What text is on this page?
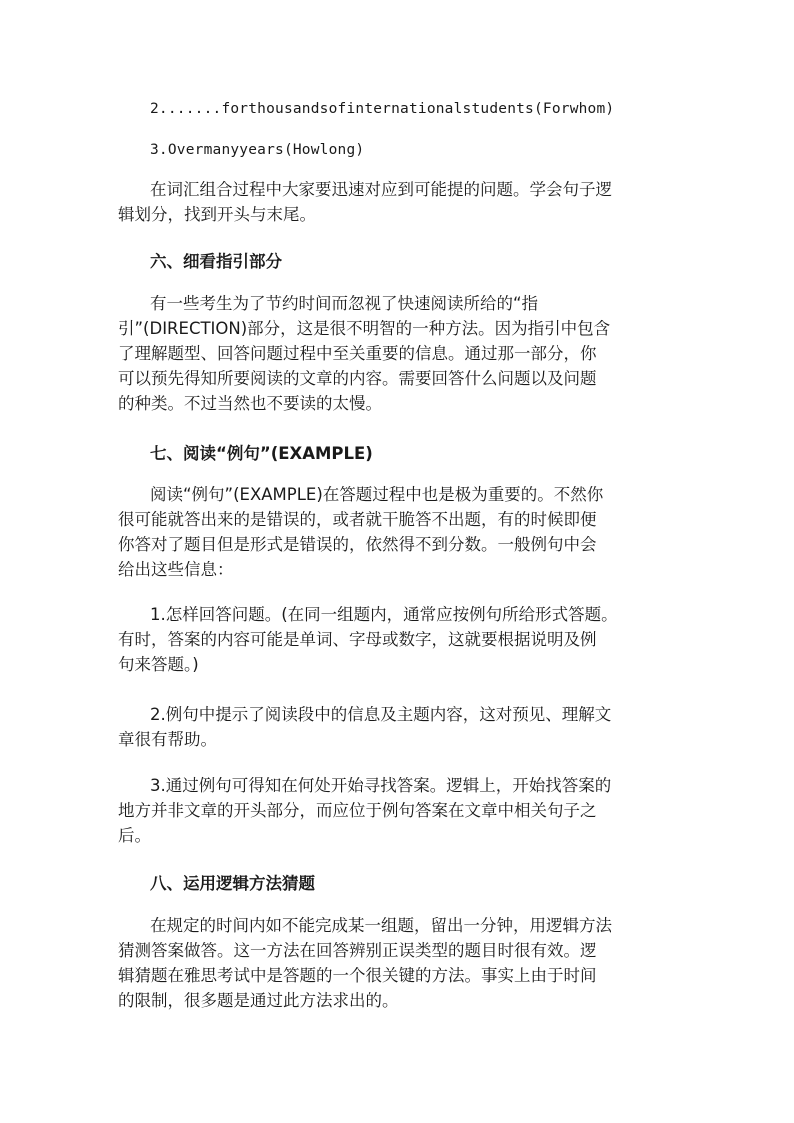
2.......forthousandsofinternationalstudents(Forwhom)

3.Overmanyyears(Howlong)

在词汇组合过程中大家要迅速对应到可能提的问题。学会句子逻
辑划分，找到开头与末尾。

六、细看指引部分

有一些考生为了节约时间而忽视了快速阅读所给的“指
引”(DIRECTION)部分，这是很不明智的一种方法。因为指引中包含
了理解题型、回答问题过程中至关重要的信息。通过那一部分，你
可以预先得知所要阅读的文章的内容。需要回答什么问题以及问题
的种类。不过当然也不要读的太慢。

七、阅读“例句”(EXAMPLE)

阅读“例句”(EXAMPLE)在答题过程中也是极为重要的。不然你
很可能就答出来的是错误的，或者就干脆答不出题，有的时候即便
你答对了题目但是形式是错误的，依然得不到分数。一般例句中会
给出这些信息：

1.怎样回答问题。(在同一组题内，通常应按例句所给形式答题。
有时，答案的内容可能是单词、字母或数字，这就要根据说明及例
句来答题。)

2.例句中提示了阅读段中的信息及主题内容，这对预见、理解文
章很有帮助。

3.通过例句可得知在何处开始寻找答案。逻辑上，开始找答案的
地方并非文章的开头部分，而应位于例句答案在文章中相关句子之
后。

八、运用逻辑方法猜题

在规定的时间内如不能完成某一组题，留出一分钟，用逻辑方法
猜测答案做答。这一方法在回答辨别正误类型的题目时很有效。逻
辑猜题在雅思考试中是答题的一个很关键的方法。事实上由于时间
的限制，很多题是通过此方法求出的。
